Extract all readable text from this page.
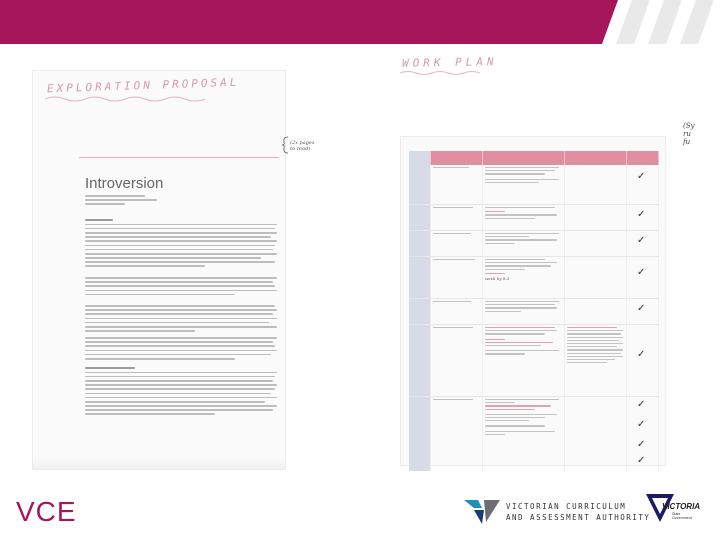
EXPLORATION PROPOSAL
Introversion
(2x pages
to read)
WORK PLAN
✓
✓
✓
week by 8.5
✓
✓
✓
✓
✓
✓
✓
(Sy
ru
fu
VCE	VICTORIAN CURRICULUM
AND ASSESSMENT AUTHORITY
VICTORIA
State
Government
